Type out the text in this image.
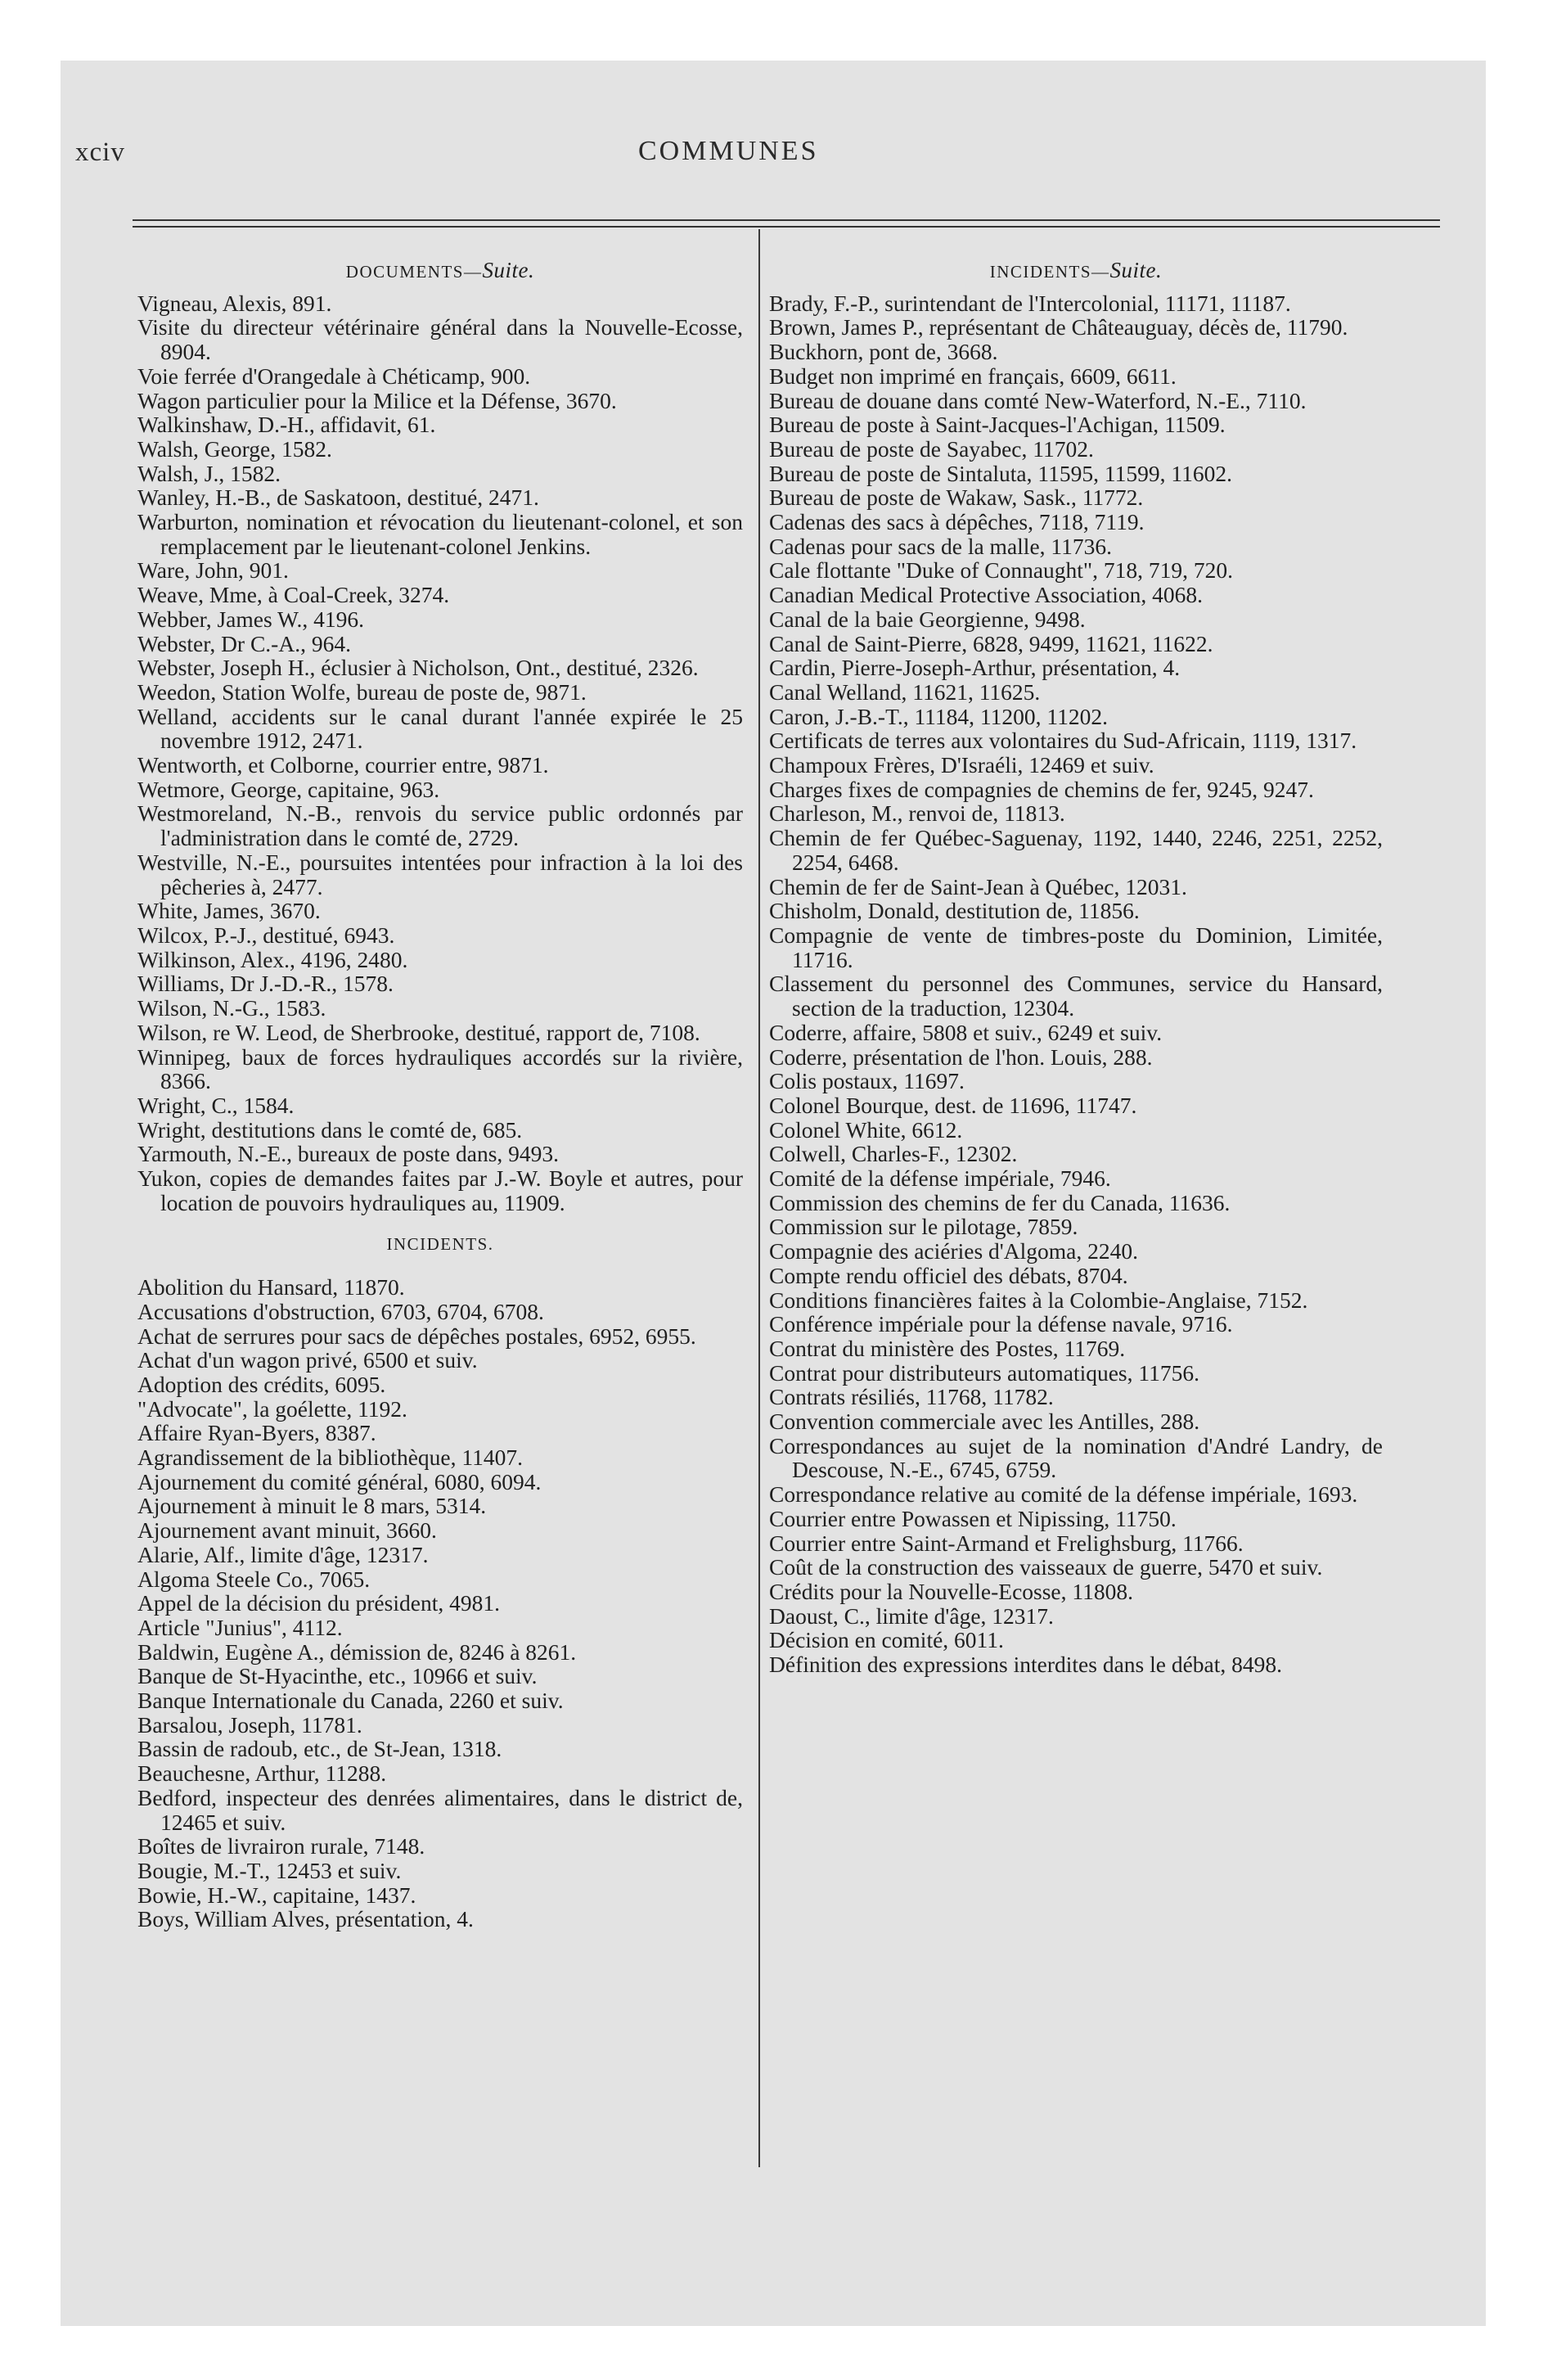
xciv	COMMUNES
DOCUMENTS—Suite.
Vigneau, Alexis, 891.
Visite du directeur vétérinaire général dans la Nouvelle-Ecosse, 8904.
Voie ferrée d'Orangedale à Chéticamp, 900.
Wagon particulier pour la Milice et la Défense, 3670.
Walkinshaw, D.-H., affidavit, 61.
Walsh, George, 1582.
Walsh, J., 1582.
Wanley, H.-B., de Saskatoon, destitué, 2471.
Warburton, nomination et révocation du lieutenant-colonel, et son remplacement par le lieutenant-colonel Jenkins.
Ware, John, 901.
Weave, Mme, à Coal-Creek, 3274.
Webber, James W., 4196.
Webster, Dr C.-A., 964.
Webster, Joseph H., éclusier à Nicholson, Ont., destitué, 2326.
Weedon, Station Wolfe, bureau de poste de, 9871.
Welland, accidents sur le canal durant l'année expirée le 25 novembre 1912, 2471.
Wentworth, et Colborne, courrier entre, 9871.
Wetmore, George, capitaine, 963.
Westmoreland, N.-B., renvois du service public ordonnés par l'administration dans le comté de, 2729.
Westville, N.-E., poursuites intentées pour infraction à la loi des pêcheries à, 2477.
White, James, 3670.
Wilcox, P.-J., destitué, 6943.
Wilkinson, Alex., 4196, 2480.
Williams, Dr J.-D.-R., 1578.
Wilson, N.-G., 1583.
Wilson, re W. Leod, de Sherbrooke, destitué, rapport de, 7108.
Winnipeg, baux de forces hydrauliques accordés sur la rivière, 8366.
Wright, C., 1584.
Wright, destitutions dans le comté de, 685.
Yarmouth, N.-E., bureaux de poste dans, 9493.
Yukon, copies de demandes faites par J.-W. Boyle et autres, pour location de pouvoirs hydrauliques au, 11909.
INCIDENTS.
Abolition du Hansard, 11870.
Accusations d'obstruction, 6703, 6704, 6708.
Achat de serrures pour sacs de dépêches postales, 6952, 6955.
Achat d'un wagon privé, 6500 et suiv.
Adoption des crédits, 6095.
"Advocate", la goélette, 1192.
Affaire Ryan-Byers, 8387.
Agrandissement de la bibliothèque, 11407.
Ajournement du comité général, 6080, 6094.
Ajournement à minuit le 8 mars, 5314.
Ajournement avant minuit, 3660.
Alarie, Alf., limite d'âge, 12317.
Algoma Steele Co., 7065.
Appel de la décision du président, 4981.
Article "Junius", 4112.
Baldwin, Eugène A., démission de, 8246 à 8261.
Banque de St-Hyacinthe, etc., 10966 et suiv.
Banque Internationale du Canada, 2260 et suiv.
Barsalou, Joseph, 11781.
Bassin de radoub, etc., de St-Jean, 1318.
Beauchesne, Arthur, 11288.
Bedford, inspecteur des denrées alimentaires, dans le district de, 12465 et suiv.
Boîtes de livrairon rurale, 7148.
Bougie, M.-T., 12453 et suiv.
Bowie, H.-W., capitaine, 1437.
Boys, William Alves, présentation, 4.
INCIDENTS—Suite.
Brady, F.-P., surintendant de l'Intercolonial, 11171, 11187.
Brown, James P., représentant de Châteauguay, décès de, 11790.
Buckhorn, pont de, 3668.
Budget non imprimé en français, 6609, 6611.
Bureau de douane dans comté New-Waterford, N.-E., 7110.
Bureau de poste à Saint-Jacques-l'Achigan, 11509.
Bureau de poste de Sayabec, 11702.
Bureau de poste de Sintaluta, 11595, 11599, 11602.
Bureau de poste de Wakaw, Sask., 11772.
Cadenas des sacs à dépêches, 7118, 7119.
Cadenas pour sacs de la malle, 11736.
Cale flottante "Duke of Connaught", 718, 719, 720.
Canadian Medical Protective Association, 4068.
Canal de la baie Georgienne, 9498.
Canal de Saint-Pierre, 6828, 9499, 11621, 11622.
Cardin, Pierre-Joseph-Arthur, présentation, 4.
Canal Welland, 11621, 11625.
Caron, J.-B.-T., 11184, 11200, 11202.
Certificats de terres aux volontaires du Sud-Africain, 1119, 1317.
Champoux Frères, D'Israéli, 12469 et suiv.
Charges fixes de compagnies de chemins de fer, 9245, 9247.
Charleson, M., renvoi de, 11813.
Chemin de fer Québec-Saguenay, 1192, 1440, 2246, 2251, 2252, 2254, 6468.
Chemin de fer de Saint-Jean à Québec, 12031.
Chisholm, Donald, destitution de, 11856.
Compagnie de vente de timbres-poste du Dominion, Limitée, 11716.
Classement du personnel des Communes, service du Hansard, section de la traduction, 12304.
Coderre, affaire, 5808 et suiv., 6249 et suiv.
Coderre, présentation de l'hon. Louis, 288.
Colis postaux, 11697.
Colonel Bourque, dest. de 11696, 11747.
Colonel White, 6612.
Colwell, Charles-F., 12302.
Comité de la défense impériale, 7946.
Commission des chemins de fer du Canada, 11636.
Commission sur le pilotage, 7859.
Compagnie des aciéries d'Algoma, 2240.
Compte rendu officiel des débats, 8704.
Conditions financières faites à la Colombie-Anglaise, 7152.
Conférence impériale pour la défense navale, 9716.
Contrat du ministère des Postes, 11769.
Contrat pour distributeurs automatiques, 11756.
Contrats résiliés, 11768, 11782.
Convention commerciale avec les Antilles, 288.
Correspondances au sujet de la nomination d'André Landry, de Descouse, N.-E., 6745, 6759.
Correspondance relative au comité de la défense impériale, 1693.
Courrier entre Powassen et Nipissing, 11750.
Courrier entre Saint-Armand et Frelighsburg, 11766.
Coût de la construction des vaisseaux de guerre, 5470 et suiv.
Crédits pour la Nouvelle-Ecosse, 11808.
Daoust, C., limite d'âge, 12317.
Décision en comité, 6011.
Définition des expressions interdites dans le débat, 8498.
